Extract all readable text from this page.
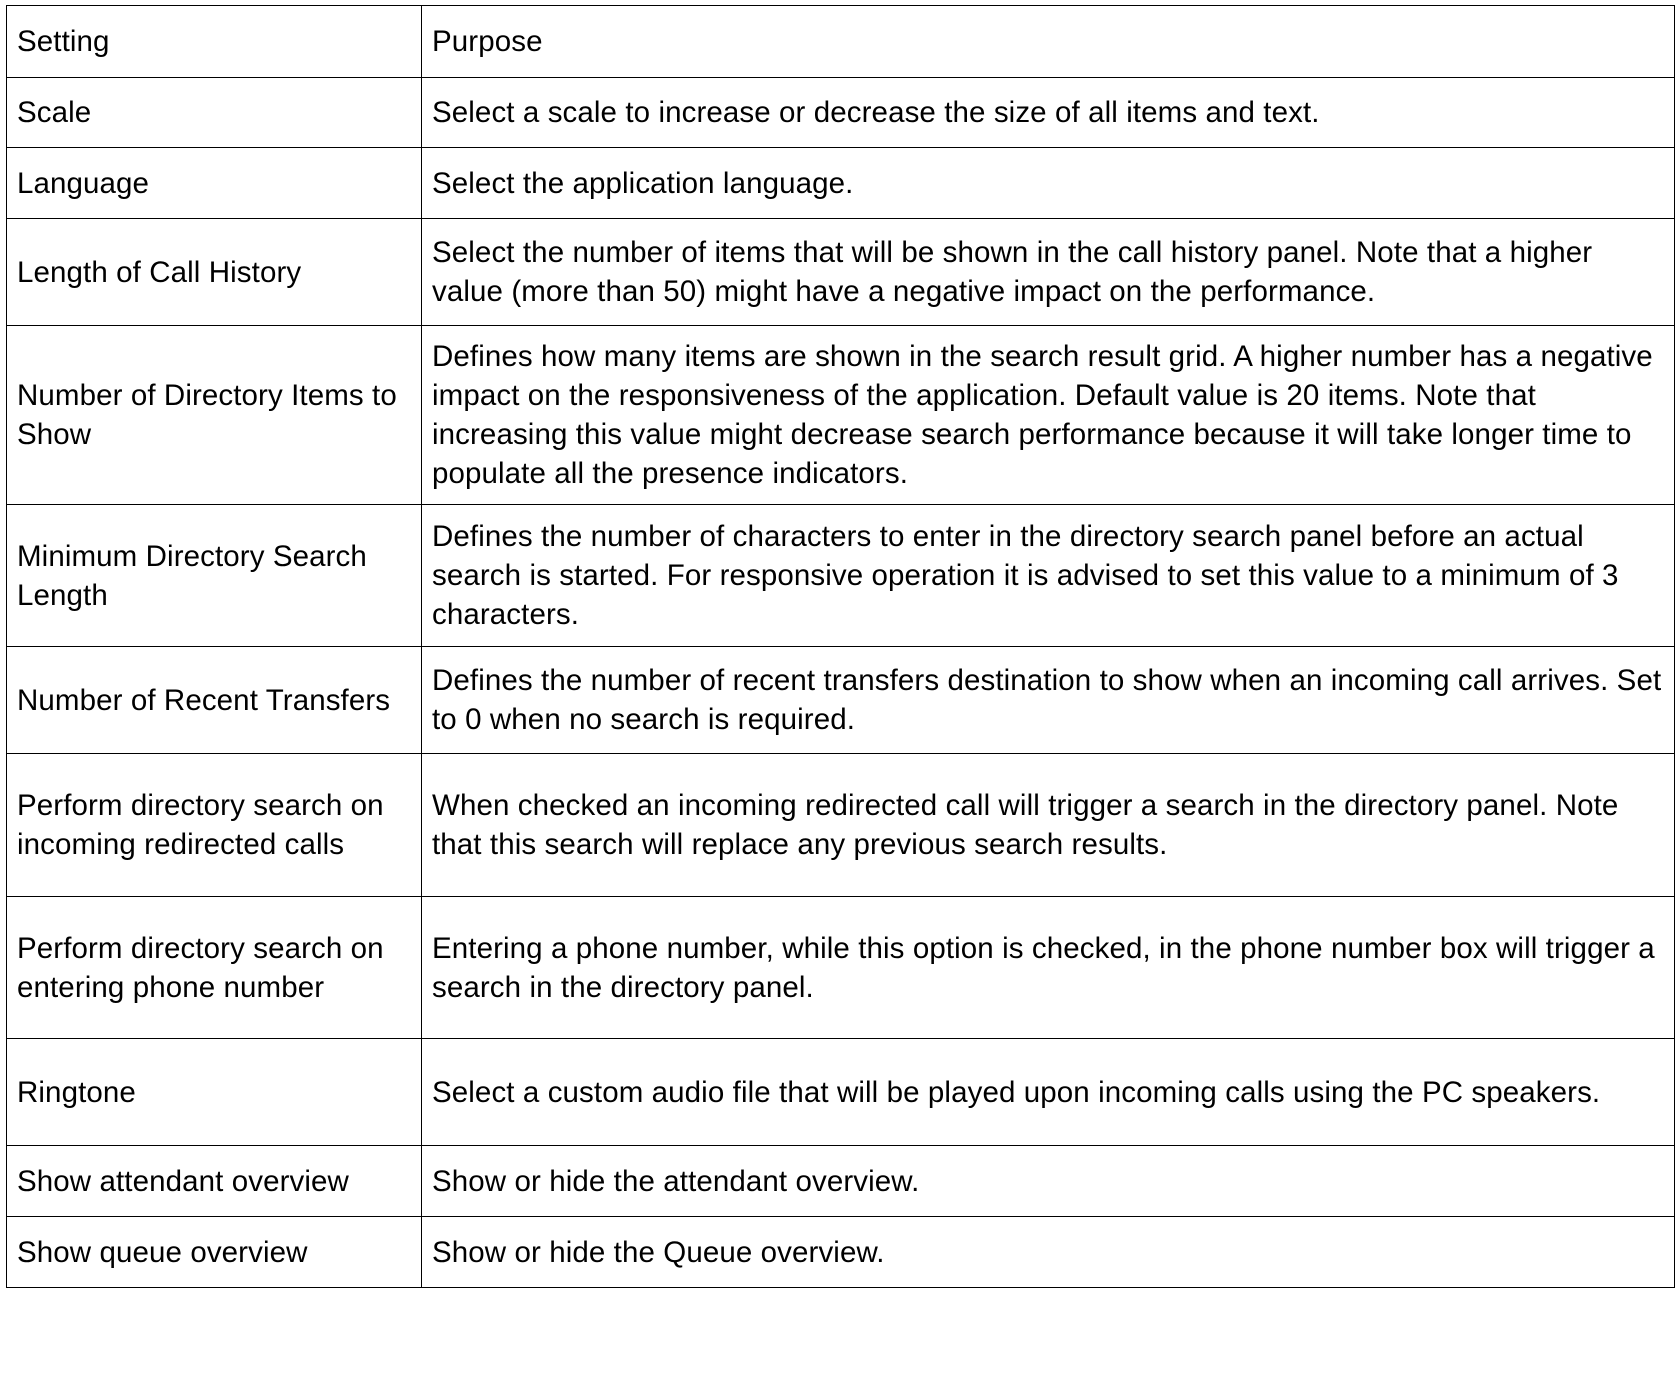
Setting	Purpose
Scale	Select a scale to increase or decrease the size of all items and text.
Language	Select the application language.
Length of Call History	Select the number of items that will be shown in the call history panel. Note that a higher value (more than 50) might have a negative impact on the performance.
Number of Directory Items to Show	Defines how many items are shown in the search result grid. A higher number has a negative impact on the responsiveness of the application. Default value is 20 items. Note that increasing this value might decrease search performance because it will take longer time to populate all the presence indicators.
Minimum Directory Search Length	Defines the number of characters to enter in the directory search panel before an actual search is started. For responsive operation it is advised to set this value to a minimum of 3 characters.
Number of Recent Transfers	Defines the number of recent transfers destination to show when an incoming call arrives. Set to 0 when no search is required.
Perform directory search on incoming redirected calls	When checked an incoming redirected call will trigger a search in the directory panel. Note that this search will replace any previous search results.
Perform directory search on entering phone number	Entering a phone number, while this option is checked, in the phone number box will trigger a search in the directory panel.
Ringtone	Select a custom audio file that will be played upon incoming calls using the PC speakers.
Show attendant overview	Show or hide the attendant overview.
Show queue overview	Show or hide the Queue overview.
